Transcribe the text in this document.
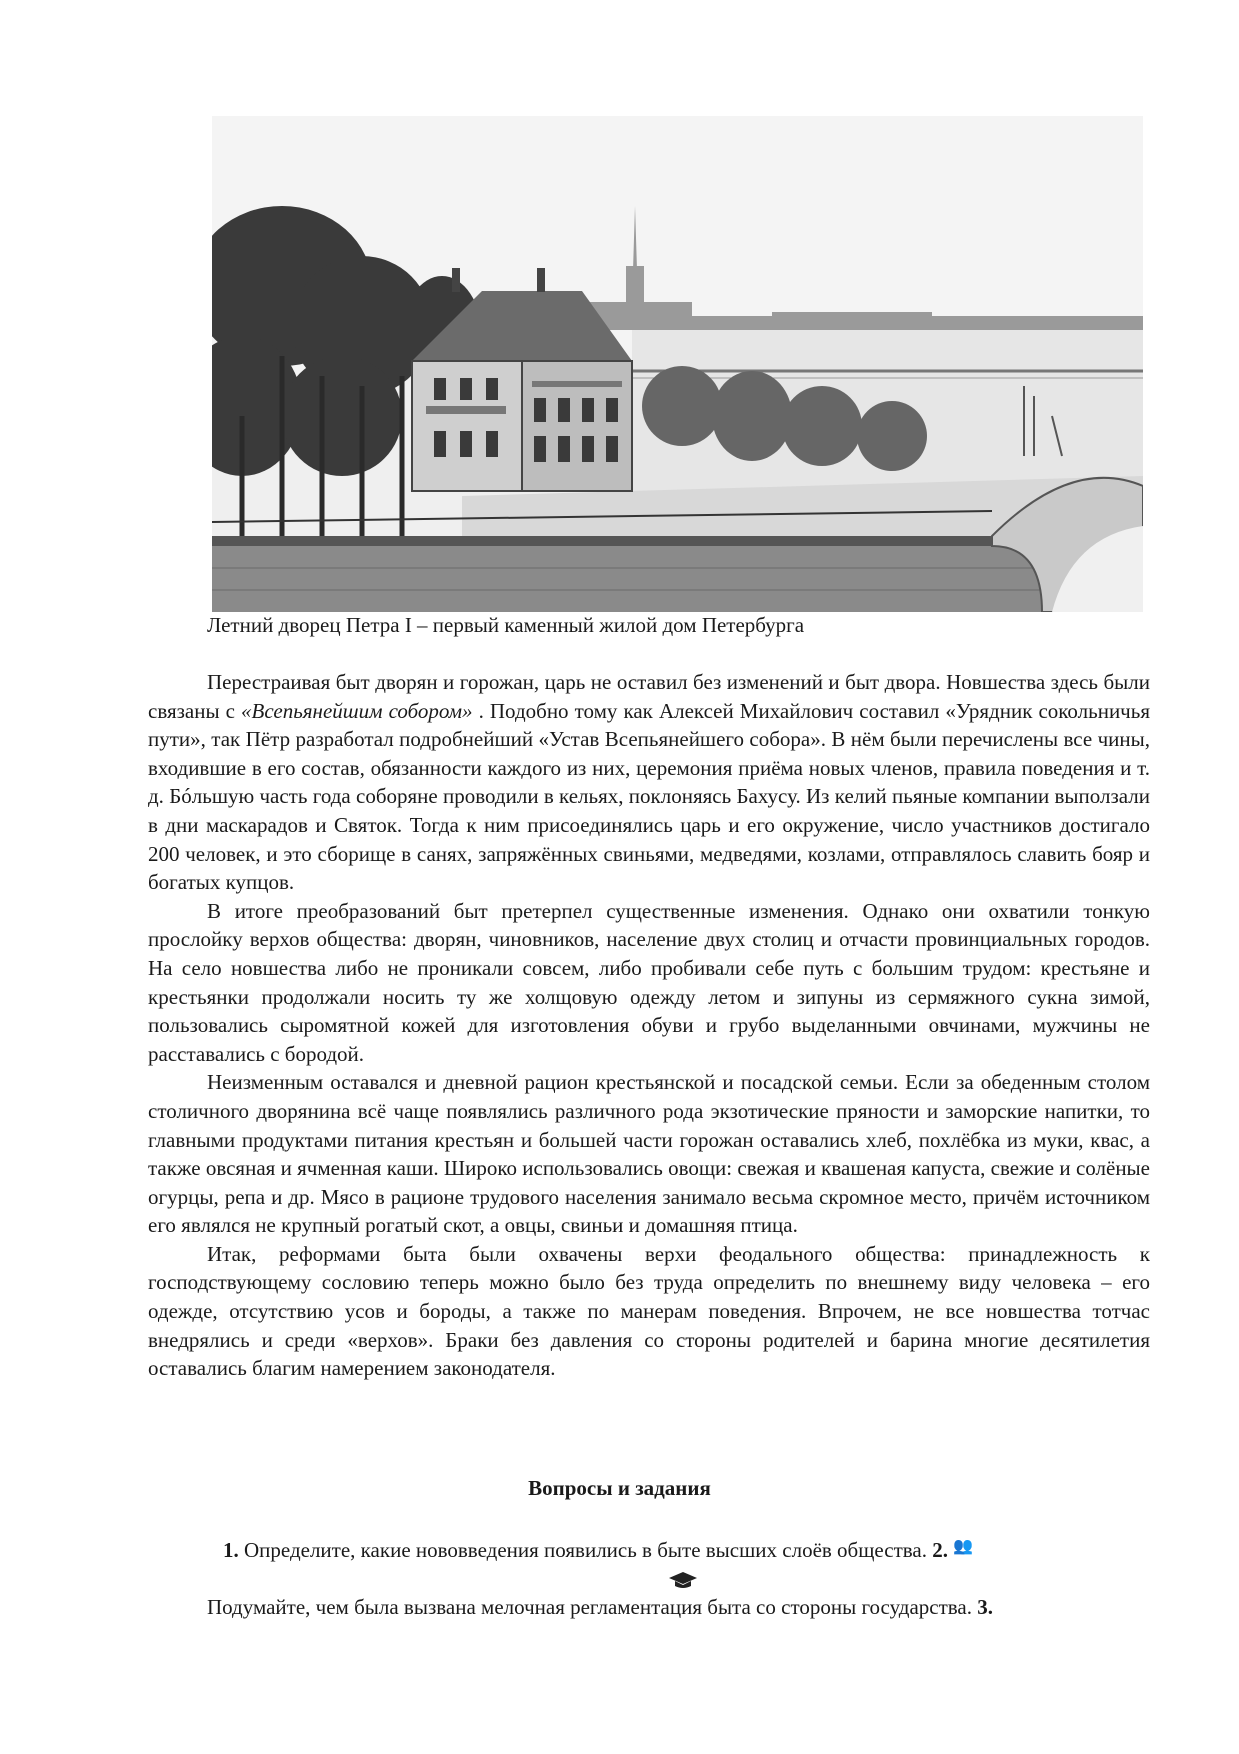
Летний дворец Петра I – первый каменный жилой дом Петербурга

Перестраивая быт дворян и горожан, царь не оставил без изменений и быт двора. Новшества здесь были связаны с «Всепьянейшим собором» . Подобно тому как Алексей Михайлович составил «Урядник сокольничья пути», так Пётр разработал подробнейший «Устав Всепьянейшего собора». В нём были перечислены все чины, входившие в его состав, обязанности каждого из них, церемония приёма новых членов, правила поведения и т. д. Бóльшую часть года соборяне проводили в кельях, поклоняясь Бахусу. Из келий пьяные компании выползали в дни маскарадов и Святок. Тогда к ним присоединялись царь и его окружение, число участников достигало 200 человек, и это сборище в санях, запряжённых свиньями, медведями, козлами, отправлялось славить бояр и богатых купцов.

В итоге преобразований быт претерпел существенные изменения. Однако они охватили тонкую прослойку верхов общества: дворян, чиновников, население двух столиц и отчасти провинциальных городов. На село новшества либо не проникали совсем, либо пробивали себе путь с большим трудом: крестьяне и крестьянки продолжали носить ту же холщовую одежду летом и зипуны из сермяжного сукна зимой, пользовались сыромятной кожей для изготовления обуви и грубо выделанными овчинами, мужчины не расставались с бородой.

Неизменным оставался и дневной рацион крестьянской и посадской семьи. Если за обеденным столом столичного дворянина всё чаще появлялись различного рода экзотические пряности и заморские напитки, то главными продуктами питания крестьян и большей части горожан оставались хлеб, похлёбка из муки, квас, а также овсяная и ячменная каши. Широко использовались овощи: свежая и квашеная капуста, свежие и солёные огурцы, репа и др. Мясо в рационе трудового населения занимало весьма скромное место, причём источником его являлся не крупный рогатый скот, а овцы, свиньи и домашняя птица.

Итак, реформами быта были охвачены верхи феодального общества: принадлежность к господствующему сословию теперь можно было без труда определить по внешнему виду человека – его одежде, отсутствию усов и бороды, а также по манерам поведения. Впрочем, не все новшества тотчас внедрялись и среди «верхов». Браки без давления со стороны родителей и барина многие десятилетия оставались благим намерением законодателя.

Вопросы и задания
1. Определите, какие нововведения появились в быте высших слоёв общества. 2. 👥
Подумайте, чем была вызвана мелочная регламентация быта со стороны государства. 3.
